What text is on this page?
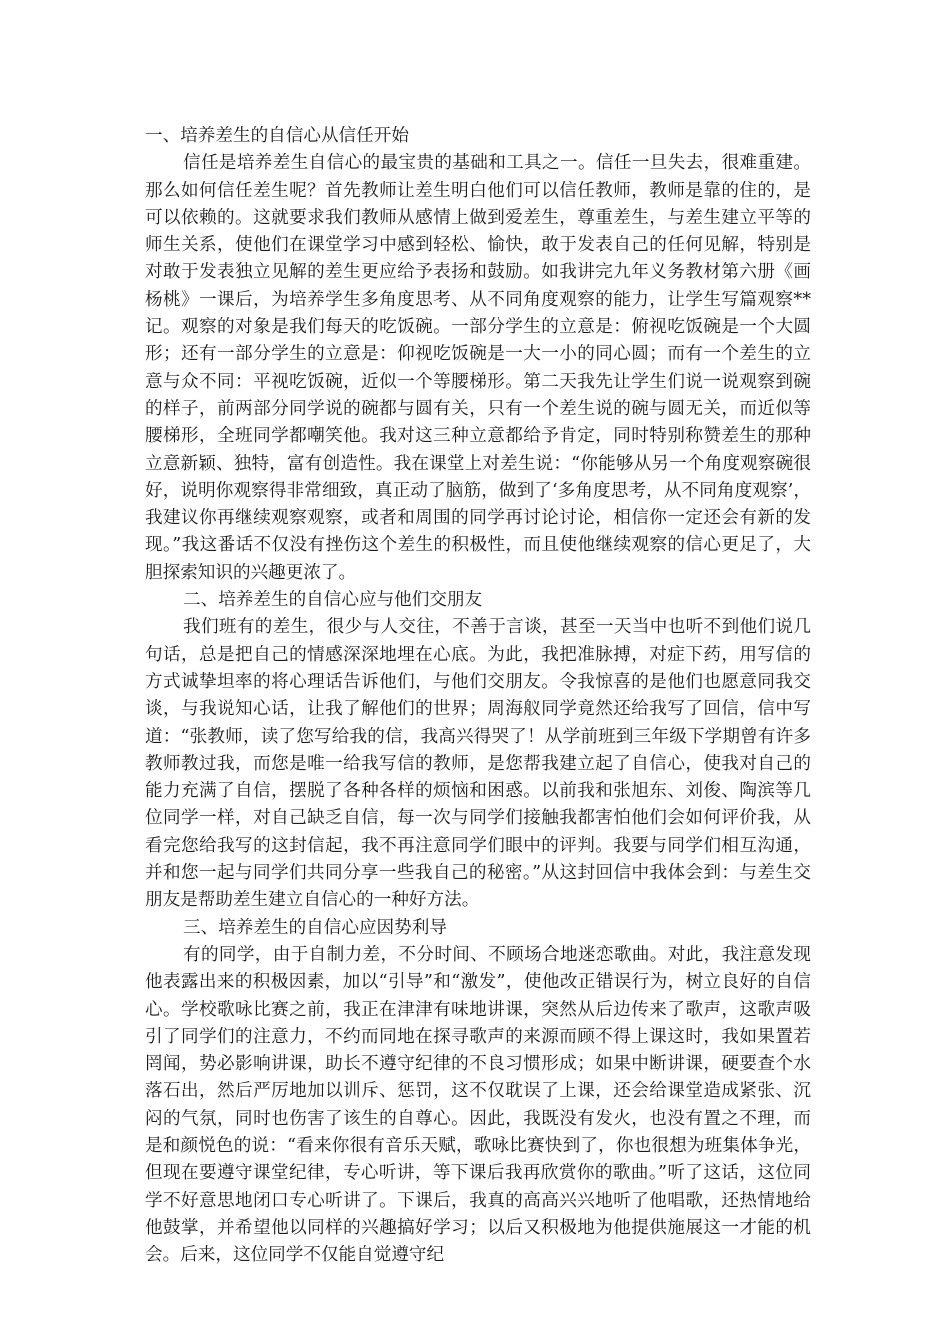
一、培养差生的自信心从信任开始

信任是培养差生自信心的最宝贵的基础和工具之一。信任一旦失去，很难重建。那么如何信任差生呢？首先教师让差生明白他们可以信任教师，教师是靠的住的，是可以依赖的。这就要求我们教师从感情上做到爱差生，尊重差生，与差生建立平等的师生关系，使他们在课堂学习中感到轻松、愉快，敢于发表自己的任何见解，特别是对敢于发表独立见解的差生更应给予表扬和鼓励。如我讲完九年义务教材第六册《画杨桃》一课后，为培养学生多角度思考、从不同角度观察的能力，让学生写篇观察**记。观察的对象是我们每天的吃饭碗。一部分学生的立意是：俯视吃饭碗是一个大圆形；还有一部分学生的立意是：仰视吃饭碗是一大一小的同心圆；而有一个差生的立意与众不同：平视吃饭碗，近似一个等腰梯形。第二天我先让学生们说一说观察到碗的样子，前两部分同学说的碗都与圆有关，只有一个差生说的碗与圆无关，而近似等腰梯形，全班同学都嘲笑他。我对这三种立意都给予肯定，同时特别称赞差生的那种立意新颖、独特，富有创造性。我在课堂上对差生说：“你能够从另一个角度观察碗很好，说明你观察得非常细致，真正动了脑筋，做到了‘多角度思考，从不同角度观察’，我建议你再继续观察观察，或者和周围的同学再讨论讨论，相信你一定还会有新的发现。”我这番话不仅没有挫伤这个差生的积极性，而且使他继续观察的信心更足了，大胆探索知识的兴趣更浓了。

二、培养差生的自信心应与他们交朋友

我们班有的差生，很少与人交往，不善于言谈，甚至一天当中也听不到他们说几句话，总是把自己的情感深深地埋在心底。为此，我把准脉搏，对症下药，用写信的方式诚挚坦率的将心理话告诉他们，与他们交朋友。令我惊喜的是他们也愿意同我交谈，与我说知心话，让我了解他们的世界；周海舣同学竟然还给我写了回信，信中写道：“张教师，读了您写给我的信，我高兴得哭了！从学前班到三年级下学期曾有许多教师教过我，而您是唯一给我写信的教师，是您帮我建立起了自信心，使我对自己的能力充满了自信，摆脱了各种各样的烦恼和困惑。以前我和张旭东、刘俊、陶滨等几位同学一样，对自己缺乏自信，每一次与同学们接触我都害怕他们会如何评价我，从看完您给我写的这封信起，我不再注意同学们眼中的评判。我要与同学们相互沟通，并和您一起与同学们共同分享一些我自己的秘密。”从这封回信中我体会到：与差生交朋友是帮助差生建立自信心的一种好方法。

三、培养差生的自信心应因势利导

有的同学，由于自制力差，不分时间、不顾场合地迷恋歌曲。对此，我注意发现他表露出来的积极因素，加以“引导”和“激发”，使他改正错误行为，树立良好的自信心。学校歌咏比赛之前，我正在津津有味地讲课，突然从后边传来了歌声，这歌声吸引了同学们的注意力，不约而同地在探寻歌声的来源而顾不得上课这时，我如果置若罔闻，势必影响讲课，助长不遵守纪律的不良习惯形成；如果中断讲课，硬要查个水落石出，然后严厉地加以训斥、惩罚，这不仅耽误了上课，还会给课堂造成紧张、沉闷的气氛，同时也伤害了该生的自尊心。因此，我既没有发火，也没有置之不理，而是和颜悦色的说：“看来你很有音乐天赋，歌咏比赛快到了，你也很想为班集体争光，但现在要遵守课堂纪律，专心听讲，等下课后我再欣赏你的歌曲。”听了这话，这位同学不好意思地闭口专心听讲了。下课后，我真的高高兴兴地听了他唱歌，还热情地给他鼓掌，并希望他以同样的兴趣搞好学习；以后又积极地为他提供施展这一才能的机会。后来，这位同学不仅能自觉遵守纪
